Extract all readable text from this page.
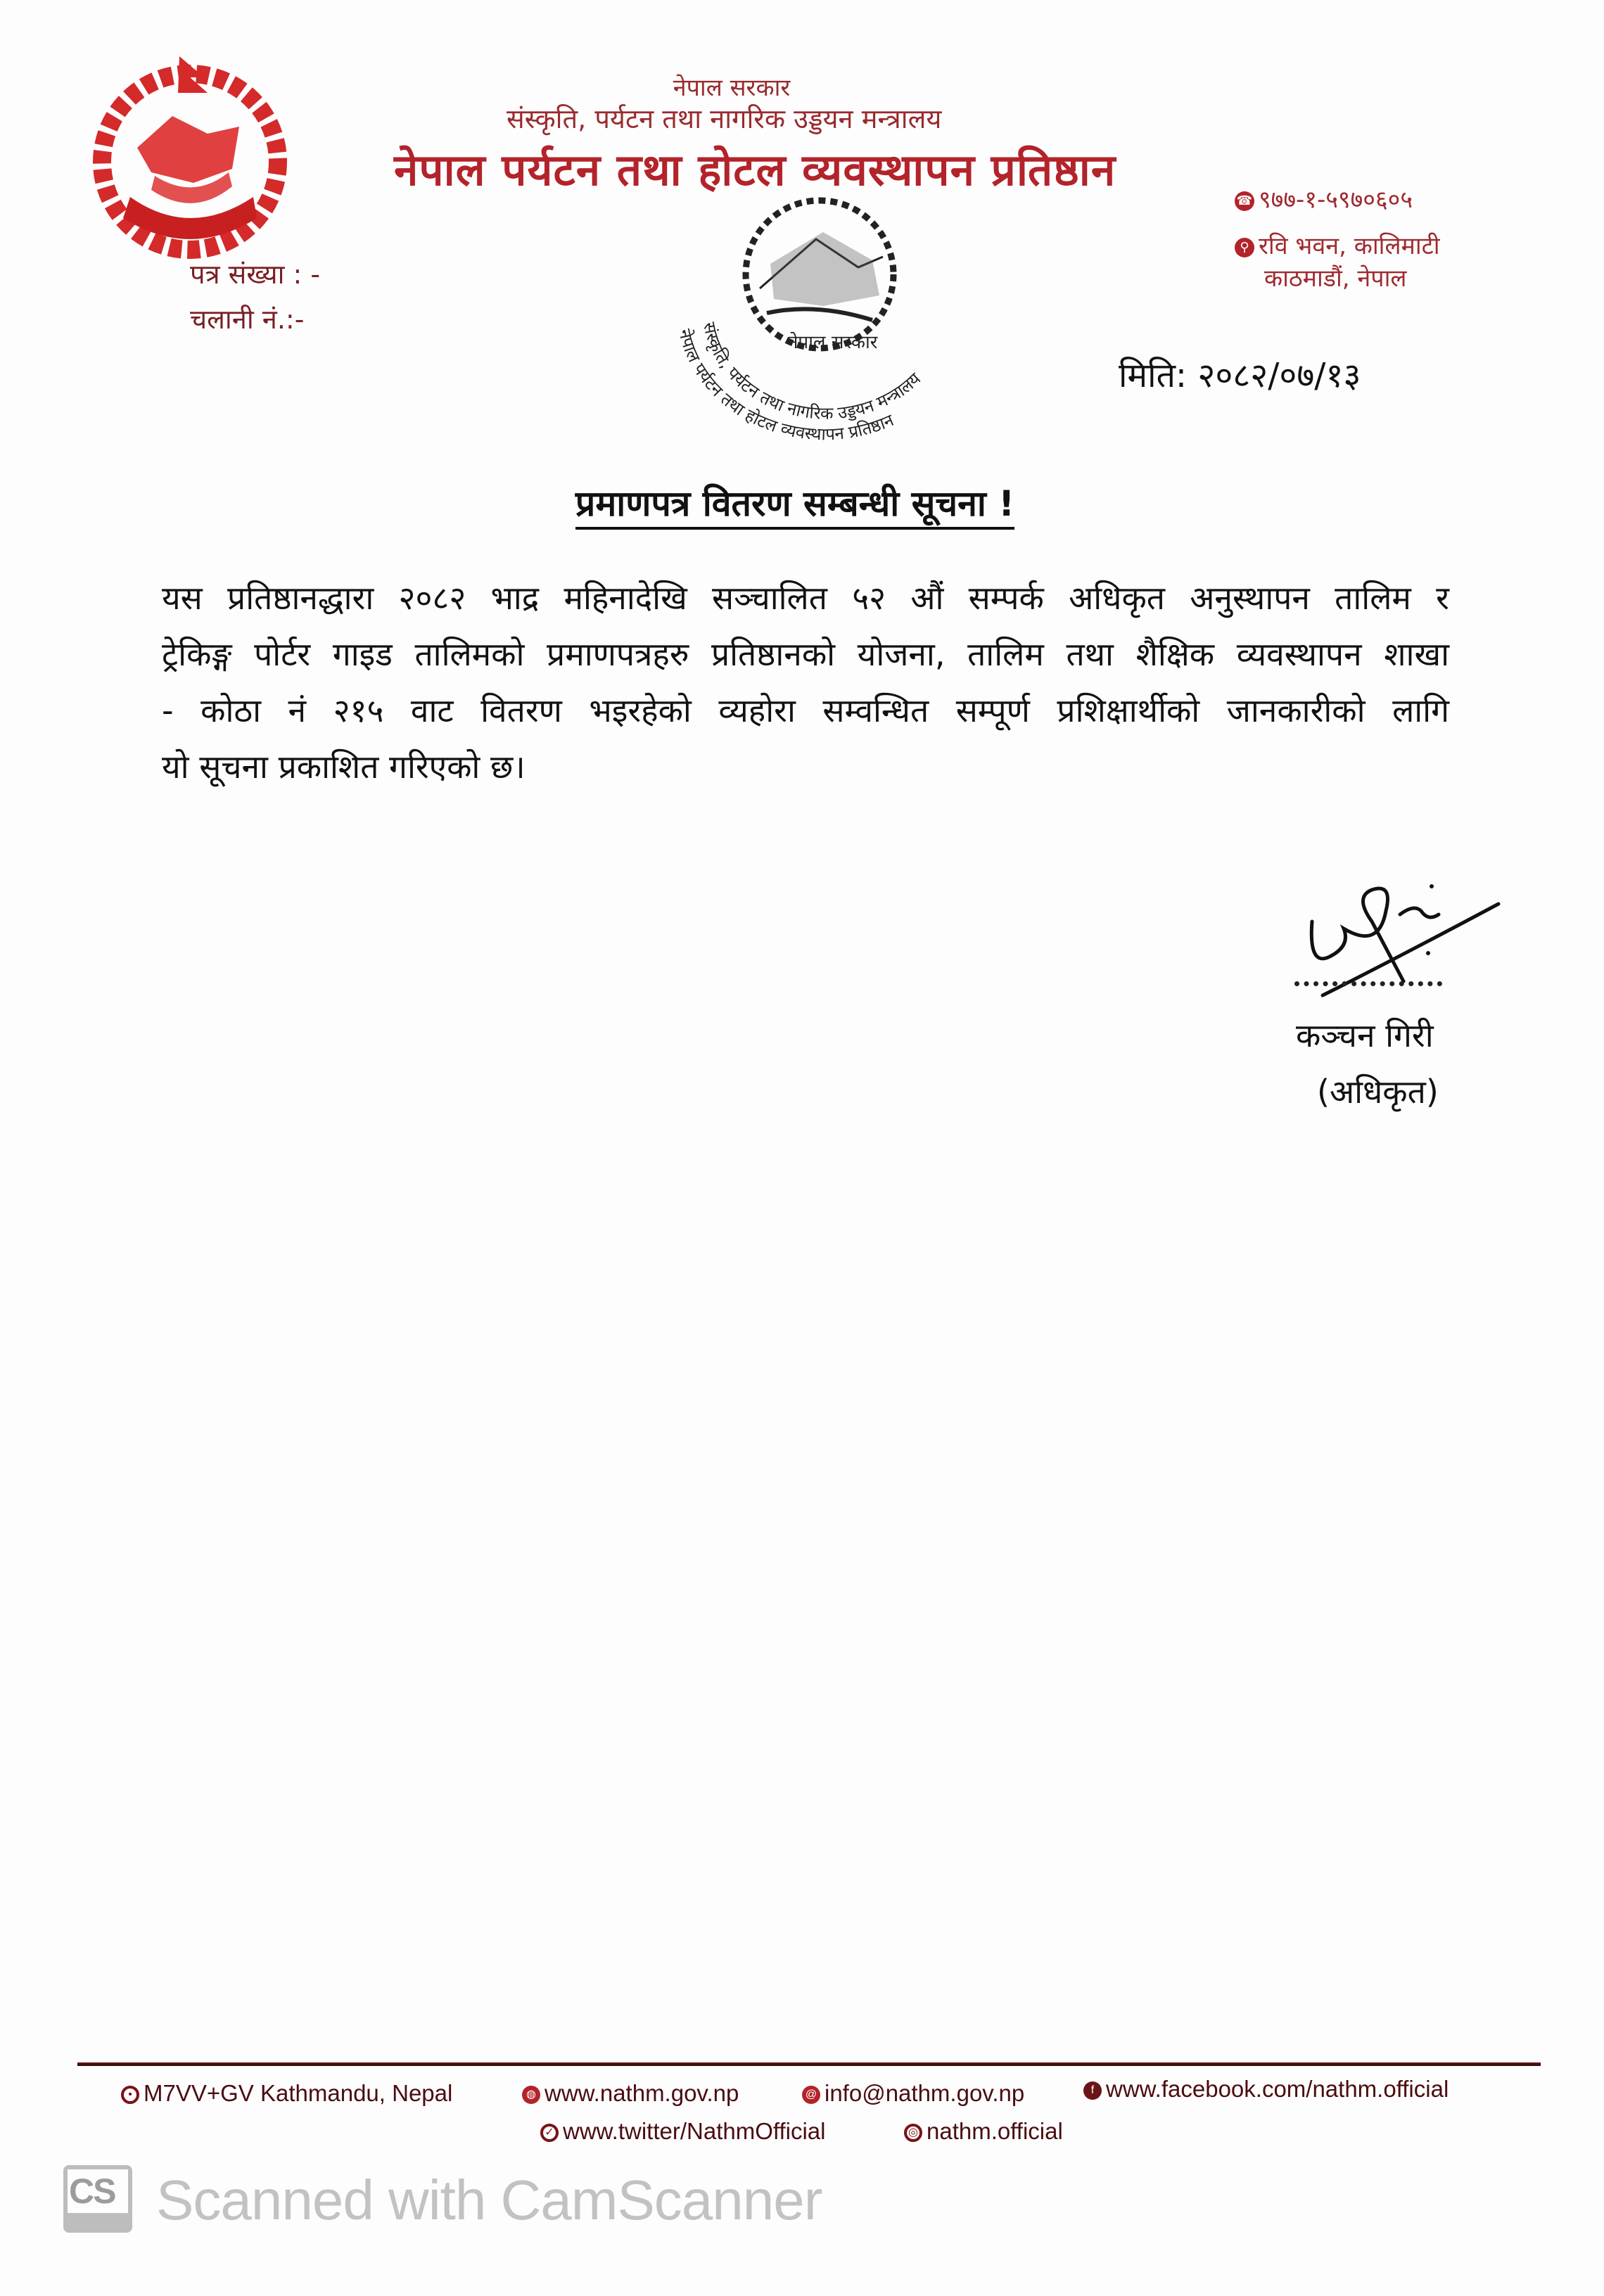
नेपाल सरकार
संस्कृति, पर्यटन तथा नागरिक उड्डयन मन्त्रालय
नेपाल पर्यटन तथा होटल व्यवस्थापन प्रतिष्ठान
☎ ९७७-१-५९७०६०५
⚲ रवि भवन, कालिमाटी
काठमाडौं, नेपाल
पत्र संख्या : -
चलानी नं.:-
नेपाल सरकार
संस्कृति, पर्यटन तथा नागरिक उड्डयन मन्त्रालय
नेपाल पर्यटन तथा होटल व्यवस्थापन प्रतिष्ठान
मिति: २०८२/०७/१३
प्रमाणपत्र वितरण सम्बन्धी सूचना !
यस प्रतिष्ठानद्धारा २०८२ भाद्र महिनादेखि सञ्चालित ५२ औं सम्पर्क अधिकृत अनुस्थापन तालिम र
ट्रेकिङ्ग पोर्टर गाइड तालिमको प्रमाणपत्रहरु प्रतिष्ठानको योजना, तालिम तथा शैक्षिक व्यवस्थापन शाखा
- कोठा नं २१५ वाट वितरण भइरहेको व्यहोरा सम्वन्धित सम्पूर्ण प्रशिक्षार्थीको जानकारीको लागि
यो सूचना प्रकाशित गरिएको छ।
कञ्चन गिरी
(अधिकृत)
• M7VV+GV Kathmandu, Nepal	◍ www.nathm.gov.np	@ info@nathm.gov.np	f www.facebook.com/nathm.official
✓ www.twitter/NathmOfficial	◎ nathm.official
CS Scanned with CamScanner
